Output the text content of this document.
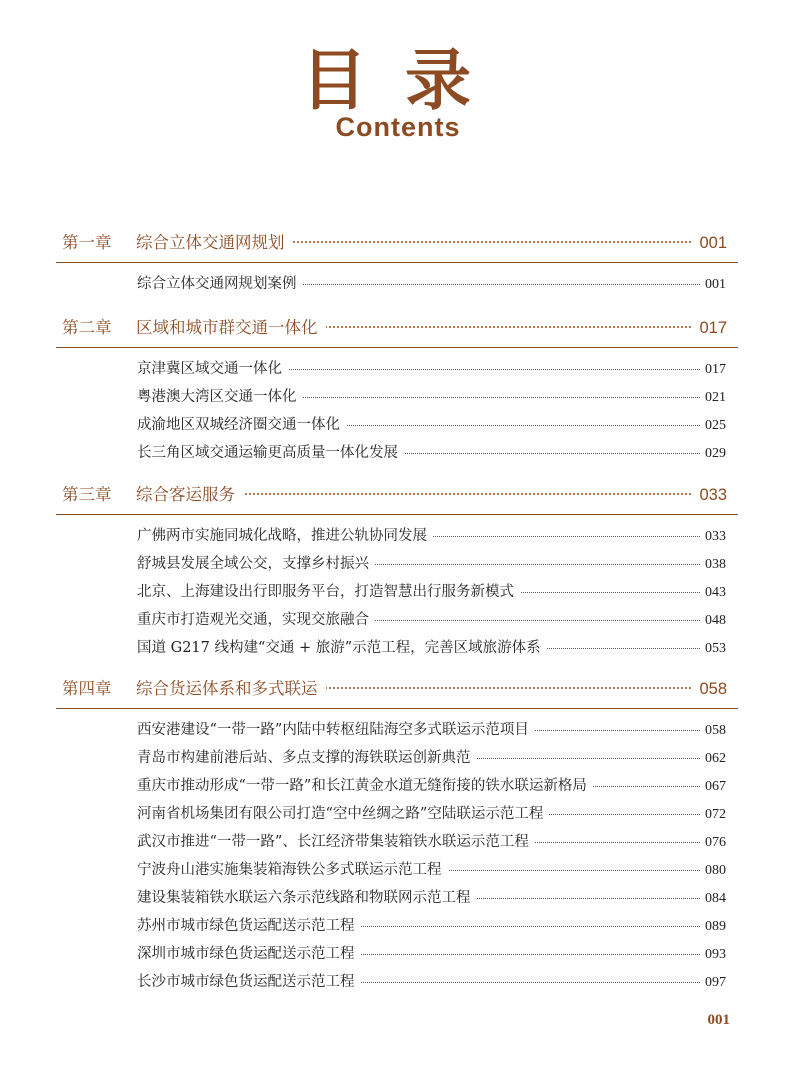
目录
Contents
第一章 综合立体交通网规划	001
综合立体交通网规划案例	001
第二章 区域和城市群交通一体化	017
京津冀区域交通一体化	017
粤港澳大湾区交通一体化	021
成渝地区双城经济圈交通一体化	025
长三角区域交通运输更高质量一体化发展	029
第三章 综合客运服务	033
广佛两市实施同城化战略，推进公轨协同发展	033
舒城县发展全域公交，支撑乡村振兴	038
北京、上海建设出行即服务平台，打造智慧出行服务新模式	043
重庆市打造观光交通，实现交旅融合	048
国道 G217 线构建“交通 + 旅游”示范工程，完善区域旅游体系	053
第四章 综合货运体系和多式联运	058
西安港建设“一带一路”内陆中转枢纽陆海空多式联运示范项目	058
青岛市构建前港后站、多点支撑的海铁联运创新典范	062
重庆市推动形成“一带一路”和长江黄金水道无缝衔接的铁水联运新格局	067
河南省机场集团有限公司打造“空中丝绸之路”空陆联运示范工程	072
武汉市推进“一带一路”、长江经济带集装箱铁水联运示范工程	076
宁波舟山港实施集装箱海铁公多式联运示范工程	080
建设集装箱铁水联运六条示范线路和物联网示范工程	084
苏州市城市绿色货运配送示范工程	089
深圳市城市绿色货运配送示范工程	093
长沙市城市绿色货运配送示范工程	097
001
